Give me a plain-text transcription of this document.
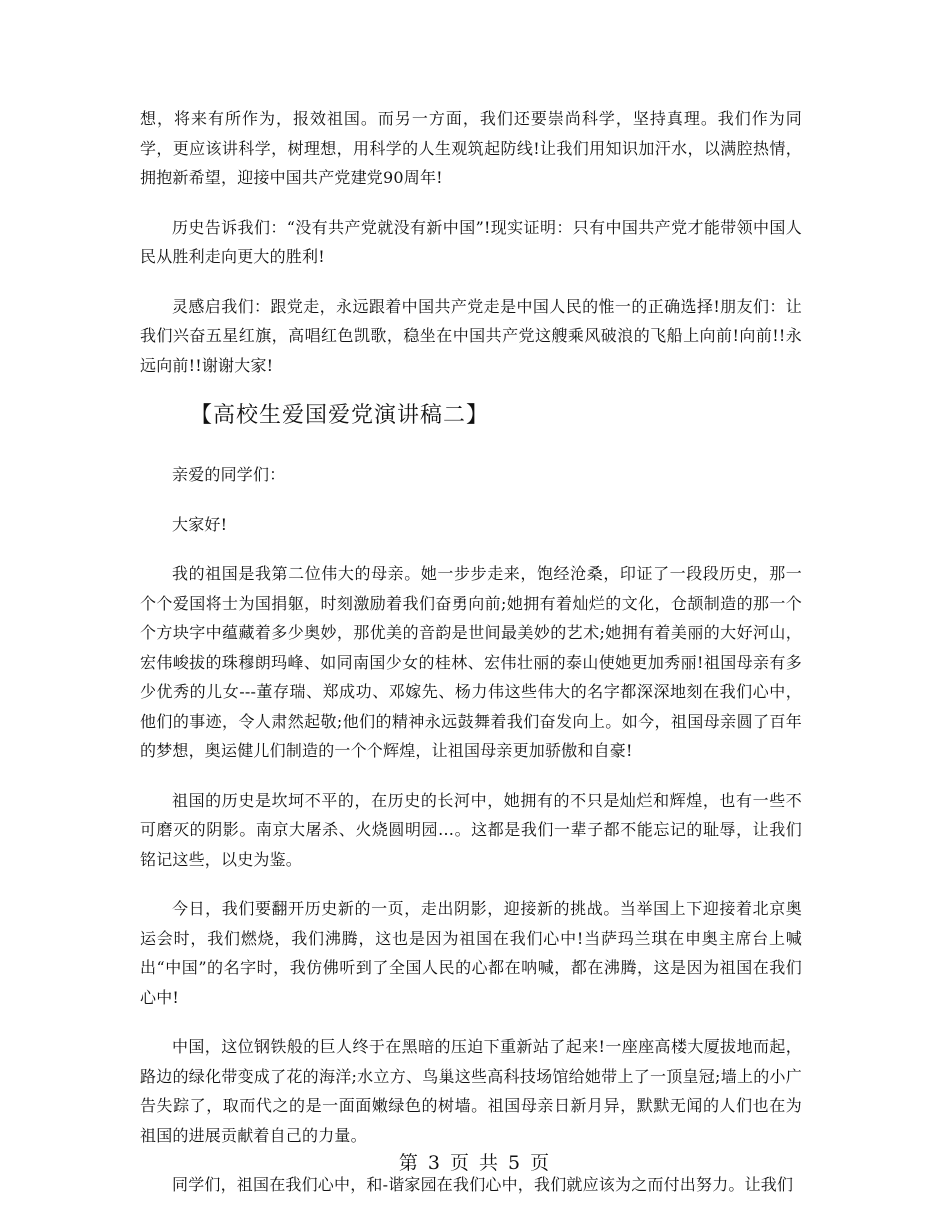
想，将来有所作为，报效祖国。而另一方面，我们还要崇尚科学，坚持真理。我们作为同学，更应该讲科学，树理想，用科学的人生观筑起防线!让我们用知识加汗水，以满腔热情，拥抱新希望，迎接中国共产党建党90周年!

历史告诉我们：“没有共产党就没有新中国”!现实证明：只有中国共产党才能带领中国人民从胜利走向更大的胜利!

灵感启我们：跟党走，永远跟着中国共产党走是中国人民的惟一的正确选择!朋友们：让我们兴奋五星红旗，高唱红色凯歌，稳坐在中国共产党这艘乘风破浪的飞船上向前!向前!!永远向前!!谢谢大家!

【高校生爱国爱党演讲稿二】

亲爱的同学们：

大家好!

我的祖国是我第二位伟大的母亲。她一步步走来，饱经沧桑，印证了一段段历史，那一个个爱国将士为国捐躯，时刻激励着我们奋勇向前;她拥有着灿烂的文化，仓颉制造的那一个个方块字中蕴藏着多少奥妙，那优美的音韵是世间最美妙的艺术;她拥有着美丽的大好河山，宏伟峻拔的珠穆朗玛峰、如同南国少女的桂林、宏伟壮丽的泰山使她更加秀丽!祖国母亲有多少优秀的儿女---董存瑞、郑成功、邓嫁先、杨力伟这些伟大的名字都深深地刻在我们心中，他们的事迹，令人肃然起敬;他们的精神永远鼓舞着我们奋发向上。如今，祖国母亲圆了百年的梦想，奥运健儿们制造的一个个辉煌，让祖国母亲更加骄傲和自豪!

祖国的历史是坎坷不平的，在历史的长河中，她拥有的不只是灿烂和辉煌，也有一些不可磨灭的阴影。南京大屠杀、火烧圆明园…。这都是我们一辈子都不能忘记的耻辱，让我们铭记这些，以史为鉴。

今日，我们要翻开历史新的一页，走出阴影，迎接新的挑战。当举国上下迎接着北京奥运会时，我们燃烧，我们沸腾，这也是因为祖国在我们心中!当萨玛兰琪在申奥主席台上喊出“中国”的名字时，我仿佛听到了全国人民的心都在呐喊，都在沸腾，这是因为祖国在我们心中!

中国，这位钢铁般的巨人终于在黑暗的压迫下重新站了起来!一座座高楼大厦拔地而起，路边的绿化带变成了花的海洋;水立方、鸟巢这些高科技场馆给她带上了一顶皇冠;墙上的小广告失踪了，取而代之的是一面面嫩绿色的树墙。祖国母亲日新月异，默默无闻的人们也在为祖国的进展贡献着自己的力量。

同学们，祖国在我们心中，和-谐家园在我们心中，我们就应该为之而付出努力。让我们

第 3 页 共 5 页
